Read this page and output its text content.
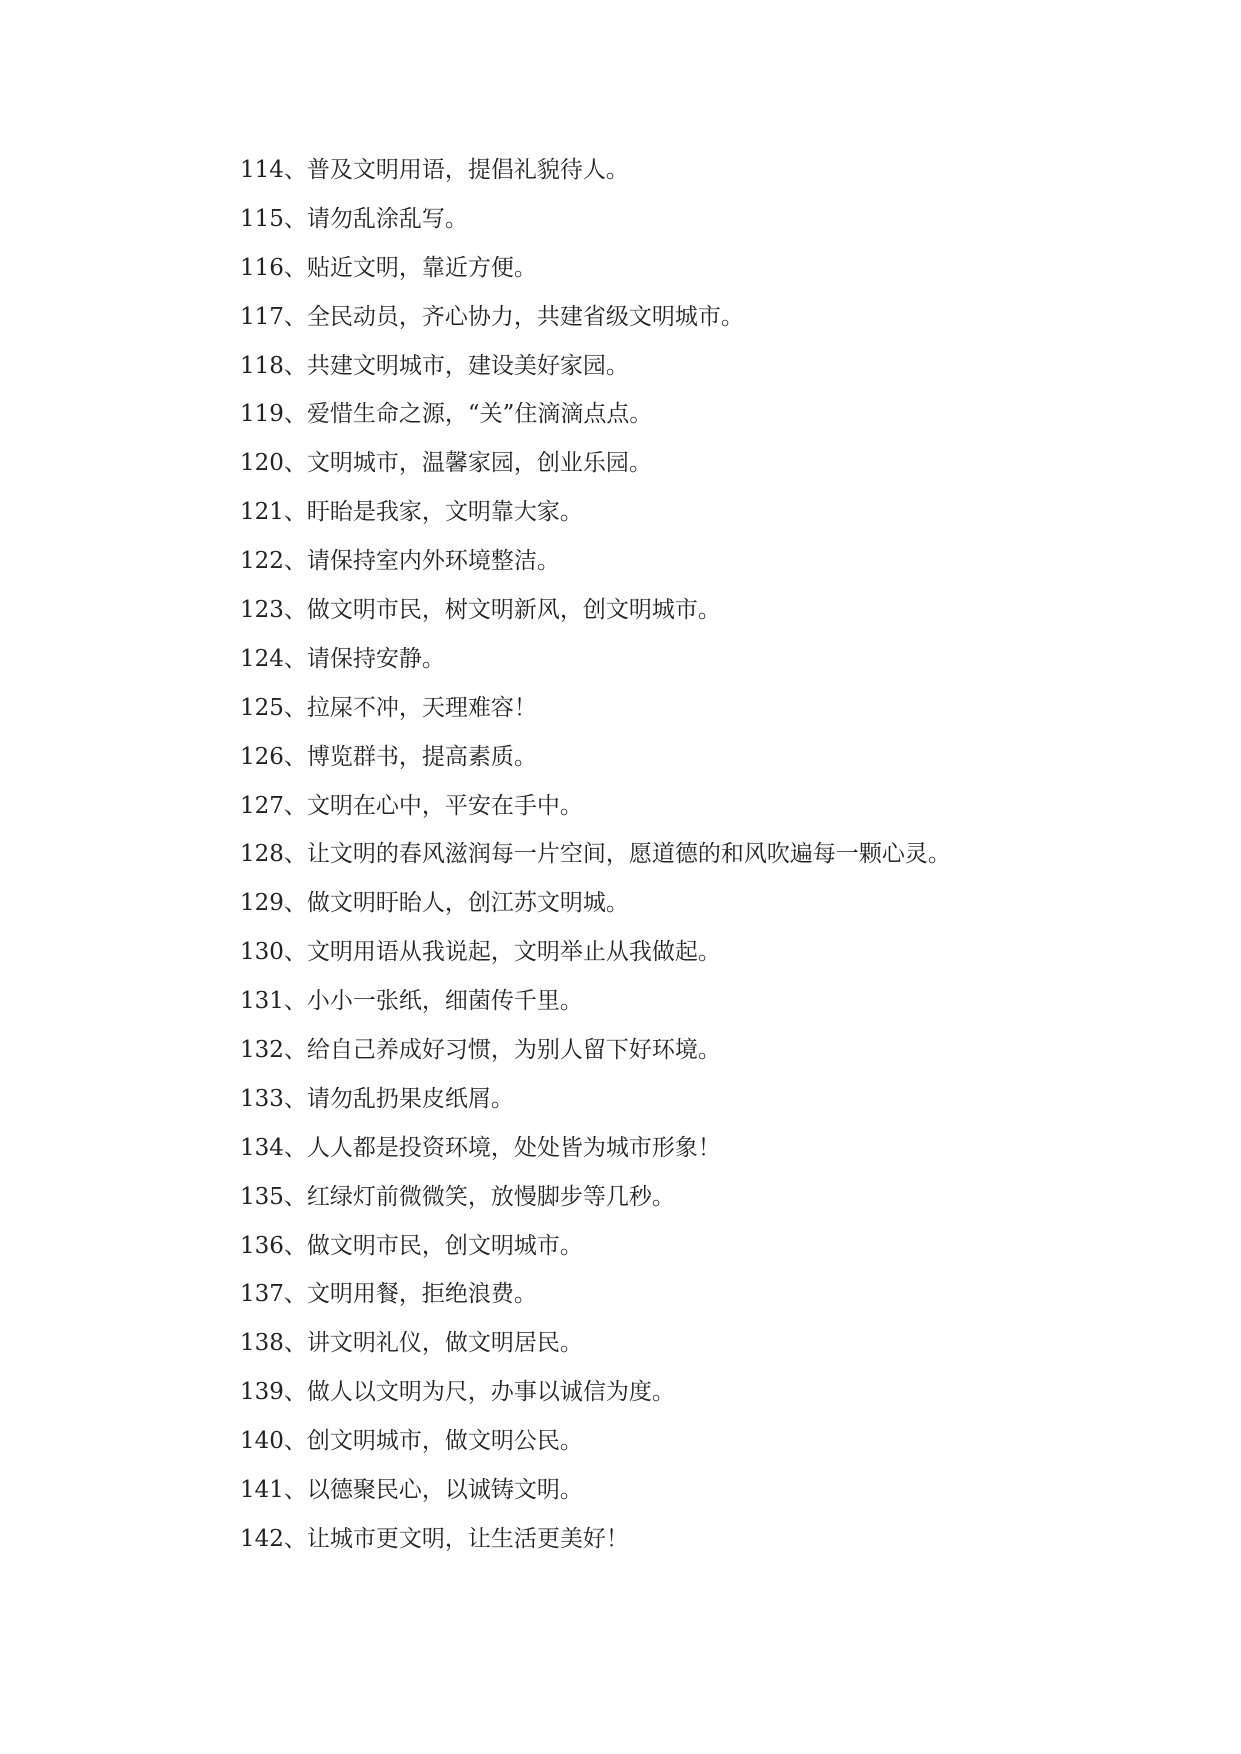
114、普及文明用语，提倡礼貌待人。
115、请勿乱涂乱写。
116、贴近文明，靠近方便。
117、全民动员，齐心协力，共建省级文明城市。
118、共建文明城市，建设美好家园。
119、爱惜生命之源，“关”住滴滴点点。
120、文明城市，温馨家园，创业乐园。
121、盱眙是我家，文明靠大家。
122、请保持室内外环境整洁。
123、做文明市民，树文明新风，创文明城市。
124、请保持安静。
125、拉屎不冲，天理难容！
126、博览群书，提高素质。
127、文明在心中，平安在手中。
128、让文明的春风滋润每一片空间，愿道德的和风吹遍每一颗心灵。
129、做文明盱眙人，创江苏文明城。
130、文明用语从我说起，文明举止从我做起。
131、小小一张纸，细菌传千里。
132、给自己养成好习惯，为别人留下好环境。
133、请勿乱扔果皮纸屑。
134、人人都是投资环境，处处皆为城市形象！
135、红绿灯前微微笑，放慢脚步等几秒。
136、做文明市民，创文明城市。
137、文明用餐，拒绝浪费。
138、讲文明礼仪，做文明居民。
139、做人以文明为尺，办事以诚信为度。
140、创文明城市，做文明公民。
141、以德聚民心，以诚铸文明。
142、让城市更文明，让生活更美好！
